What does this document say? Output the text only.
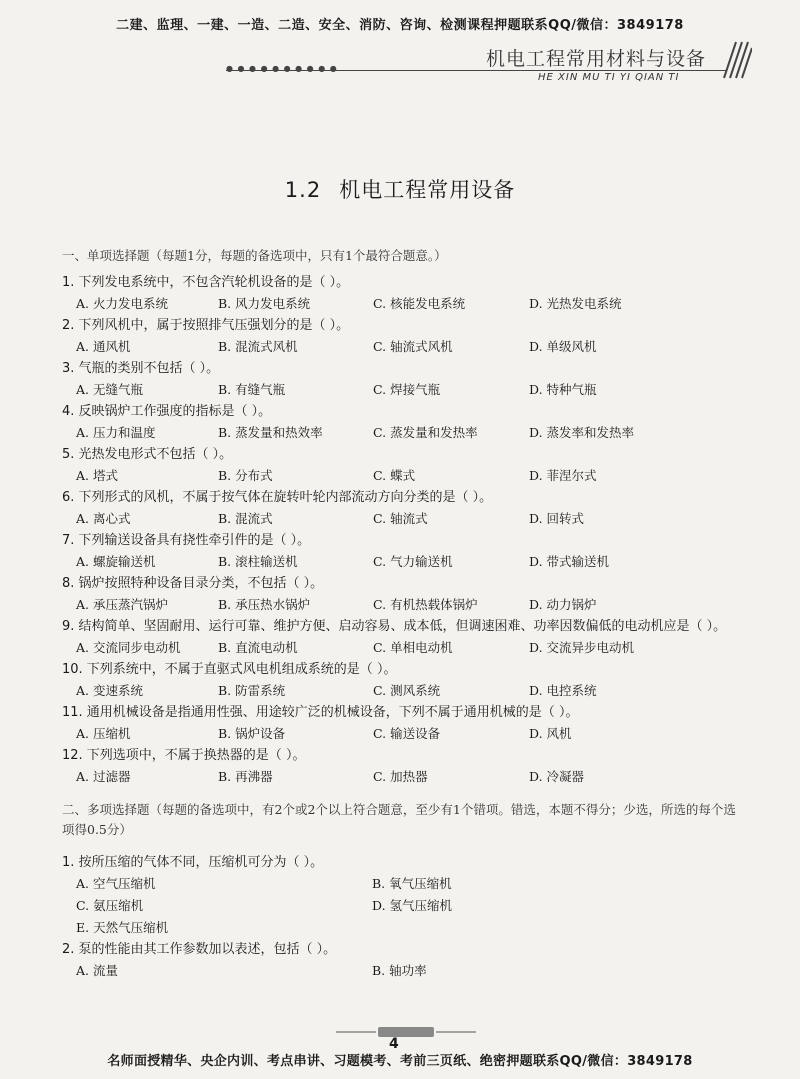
二建、监理、一建、一造、二造、安全、消防、咨询、检测课程押题联系QQ/微信：3849178
机电工程常用材料与设备
● ● ● ● ● ● ● ● ● ●
HE XIN MU TI YI QIAN TI
1.2 机电工程常用设备
一、单项选择题（每题1分，每题的备选项中，只有1个最符合题意。）
1. 下列发电系统中，不包含汽轮机设备的是（ ）。
A. 火力发电系统	B. 风力发电系统	C. 核能发电系统	D. 光热发电系统
2. 下列风机中，属于按照排气压强划分的是（ ）。
A. 通风机	B. 混流式风机	C. 轴流式风机	D. 单级风机
3. 气瓶的类别不包括（ ）。
A. 无缝气瓶	B. 有缝气瓶	C. 焊接气瓶	D. 特种气瓶
4. 反映锅炉工作强度的指标是（ ）。
A. 压力和温度	B. 蒸发量和热效率	C. 蒸发量和发热率	D. 蒸发率和发热率
5. 光热发电形式不包括（ ）。
A. 塔式	B. 分布式	C. 蝶式	D. 菲涅尔式
6. 下列形式的风机，不属于按气体在旋转叶轮内部流动方向分类的是（ ）。
A. 离心式	B. 混流式	C. 轴流式	D. 回转式
7. 下列输送设备具有挠性牵引件的是（ ）。
A. 螺旋输送机	B. 滚柱输送机	C. 气力输送机	D. 带式输送机
8. 锅炉按照特种设备目录分类，不包括（ ）。
A. 承压蒸汽锅炉	B. 承压热水锅炉	C. 有机热载体锅炉	D. 动力锅炉
9. 结构简单、坚固耐用、运行可靠、维护方便、启动容易、成本低，但调速困难、功率因数偏低的电动机应是（ ）。
A. 交流同步电动机	B. 直流电动机	C. 单相电动机	D. 交流异步电动机
10. 下列系统中，不属于直驱式风电机组成系统的是（ ）。
A. 变速系统	B. 防雷系统	C. 测风系统	D. 电控系统
11. 通用机械设备是指通用性强、用途较广泛的机械设备，下列不属于通用机械的是（ ）。
A. 压缩机	B. 锅炉设备	C. 输送设备	D. 风机
12. 下列选项中，不属于换热器的是（ ）。
A. 过滤器	B. 再沸器	C. 加热器	D. 冷凝器
二、多项选择题（每题的备选项中，有2个或2个以上符合题意，至少有1个错项。错选，本题不得分；少选，所选的每个选项得0.5分）
1. 按所压缩的气体不同，压缩机可分为（ ）。
A. 空气压缩机	B. 氧气压缩机
C. 氨压缩机	D. 氢气压缩机
E. 天然气压缩机
2. 泵的性能由其工作参数加以表述，包括（ ）。
A. 流量	B. 轴功率
4
名师面授精华、央企内训、考点串讲、习题模考、考前三页纸、绝密押题联系QQ/微信：3849178
